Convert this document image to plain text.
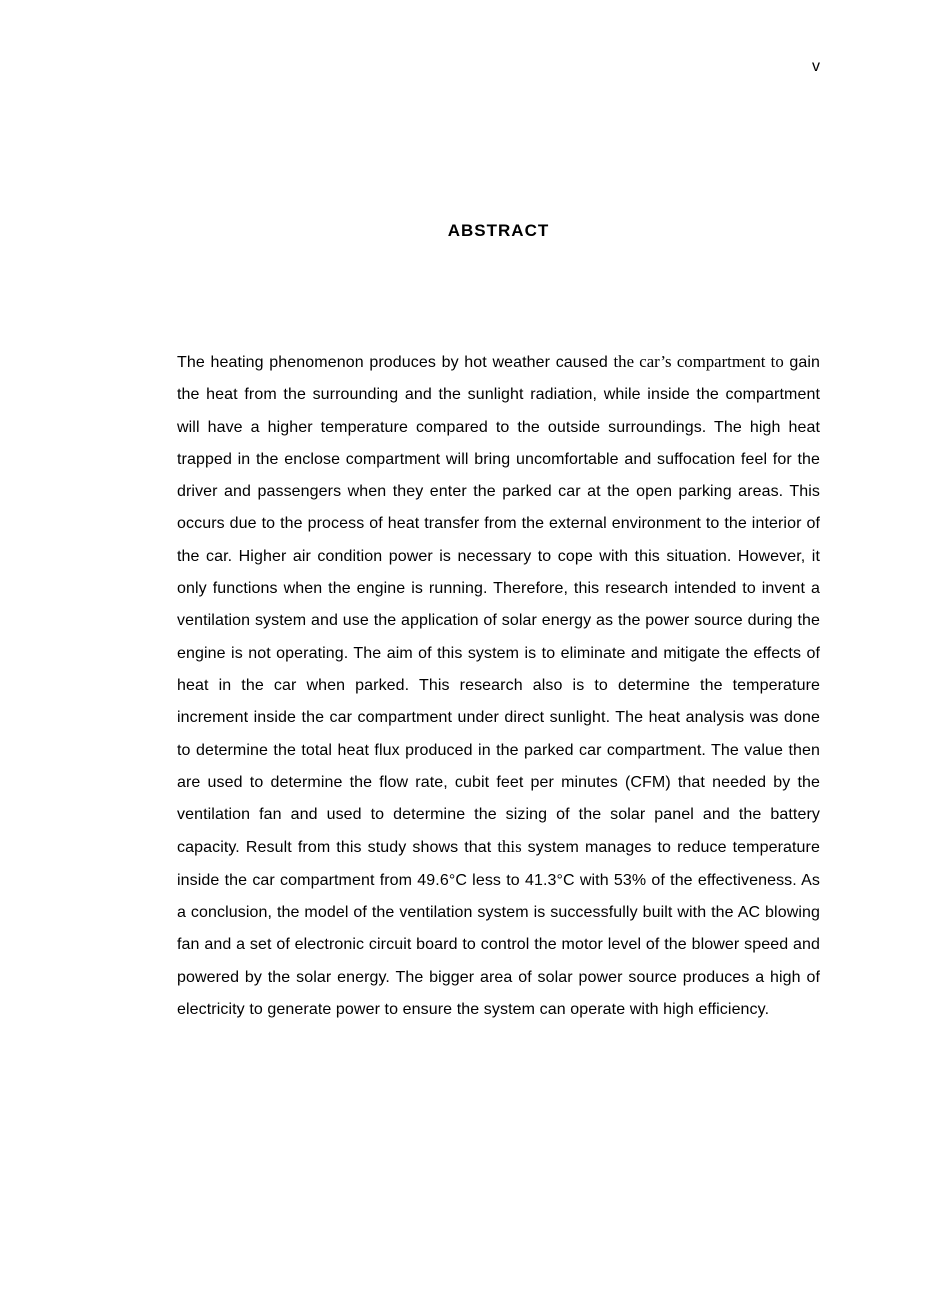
v
ABSTRACT

The heating phenomenon produces by hot weather caused the car’s compartment to gain the heat from the surrounding and the sunlight radiation, while inside the compartment will have a higher temperature compared to the outside surroundings. The high heat trapped in the enclose compartment will bring uncomfortable and suffocation feel for the driver and passengers when they enter the parked car at the open parking areas. This occurs due to the process of heat transfer from the external environment to the interior of the car. Higher air condition power is necessary to cope with this situation. However, it only functions when the engine is running. Therefore, this research intended to invent a ventilation system and use the application of solar energy as the power source during the engine is not operating. The aim of this system is to eliminate and mitigate the effects of heat in the car when parked. This research also is to determine the temperature increment inside the car compartment under direct sunlight. The heat analysis was done to determine the total heat flux produced in the parked car compartment. The value then are used to determine the flow rate, cubit feet per minutes (CFM) that needed by the ventilation fan and used to determine the sizing of the solar panel and the battery capacity. Result from this study shows that this system manages to reduce temperature inside the car compartment from 49.6°C less to 41.3°C with 53% of the effectiveness. As a conclusion, the model of the ventilation system is successfully built with the AC blowing fan and a set of electronic circuit board to control the motor level of the blower speed and powered by the solar energy. The bigger area of solar power source produces a high of electricity to generate power to ensure the system can operate with high efficiency.
